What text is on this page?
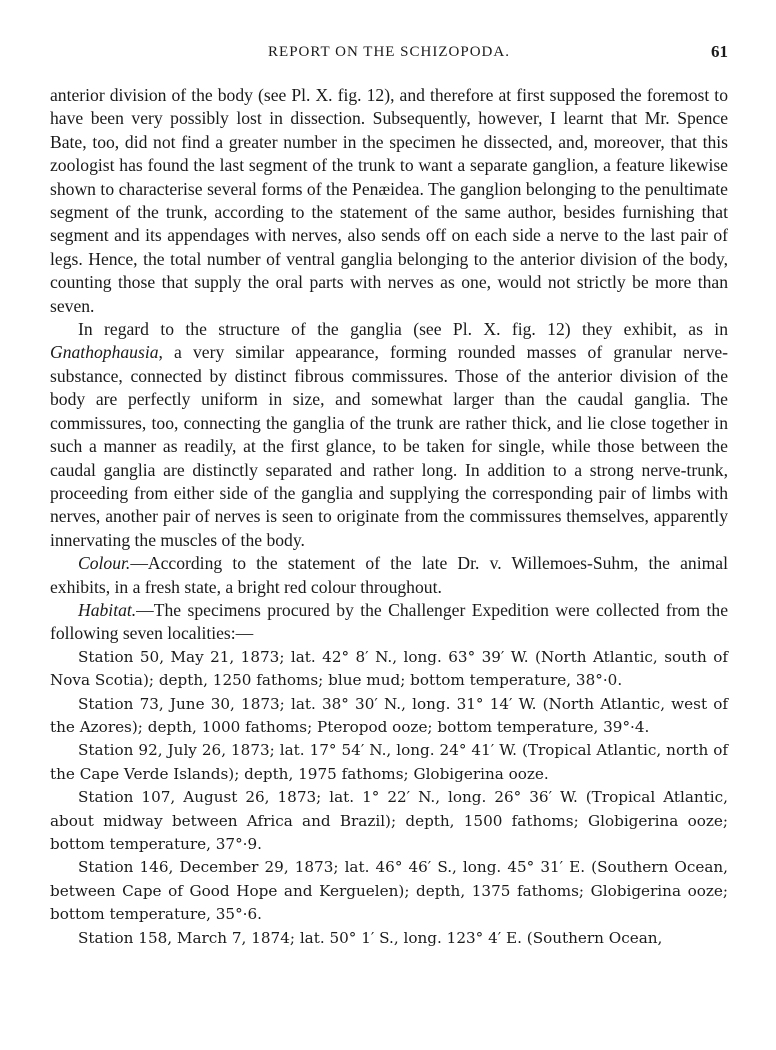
REPORT ON THE SCHIZOPODA.	61

anterior division of the body (see Pl. X. fig. 12), and therefore at first supposed the foremost to have been very possibly lost in dissection. Subsequently, however, I learnt that Mr. Spence Bate, too, did not find a greater number in the specimen he dissected, and, moreover, that this zoologist has found the last segment of the trunk to want a separate ganglion, a feature likewise shown to characterise several forms of the Penæidea. The ganglion belonging to the penultimate segment of the trunk, according to the statement of the same author, besides furnishing that segment and its appendages with nerves, also sends off on each side a nerve to the last pair of legs. Hence, the total number of ventral ganglia belonging to the anterior division of the body, counting those that supply the oral parts with nerves as one, would not strictly be more than seven.

In regard to the structure of the ganglia (see Pl. X. fig. 12) they exhibit, as in Gnathophausia, a very similar appearance, forming rounded masses of granular nerve-substance, connected by distinct fibrous commissures. Those of the anterior division of the body are perfectly uniform in size, and somewhat larger than the caudal ganglia. The commissures, too, connecting the ganglia of the trunk are rather thick, and lie close together in such a manner as readily, at the first glance, to be taken for single, while those between the caudal ganglia are distinctly separated and rather long. In addition to a strong nerve-trunk, proceeding from either side of the ganglia and supplying the corresponding pair of limbs with nerves, another pair of nerves is seen to originate from the commissures themselves, apparently innervating the muscles of the body.

Colour.—According to the statement of the late Dr. v. Willemoes-Suhm, the animal exhibits, in a fresh state, a bright red colour throughout.

Habitat.—The specimens procured by the Challenger Expedition were collected from the following seven localities:—

Station 50, May 21, 1873; lat. 42° 8′ N., long. 63° 39′ W. (North Atlantic, south of Nova Scotia); depth, 1250 fathoms; blue mud; bottom temperature, 38°·0.

Station 73, June 30, 1873; lat. 38° 30′ N., long. 31° 14′ W. (North Atlantic, west of the Azores); depth, 1000 fathoms; Pteropod ooze; bottom temperature, 39°·4.

Station 92, July 26, 1873; lat. 17° 54′ N., long. 24° 41′ W. (Tropical Atlantic, north of the Cape Verde Islands); depth, 1975 fathoms; Globigerina ooze.

Station 107, August 26, 1873; lat. 1° 22′ N., long. 26° 36′ W. (Tropical Atlantic, about midway between Africa and Brazil); depth, 1500 fathoms; Globigerina ooze; bottom temperature, 37°·9.

Station 146, December 29, 1873; lat. 46° 46′ S., long. 45° 31′ E. (Southern Ocean, between Cape of Good Hope and Kerguelen); depth, 1375 fathoms; Globigerina ooze; bottom temperature, 35°·6.

Station 158, March 7, 1874; lat. 50° 1′ S., long. 123° 4′ E. (Southern Ocean,
